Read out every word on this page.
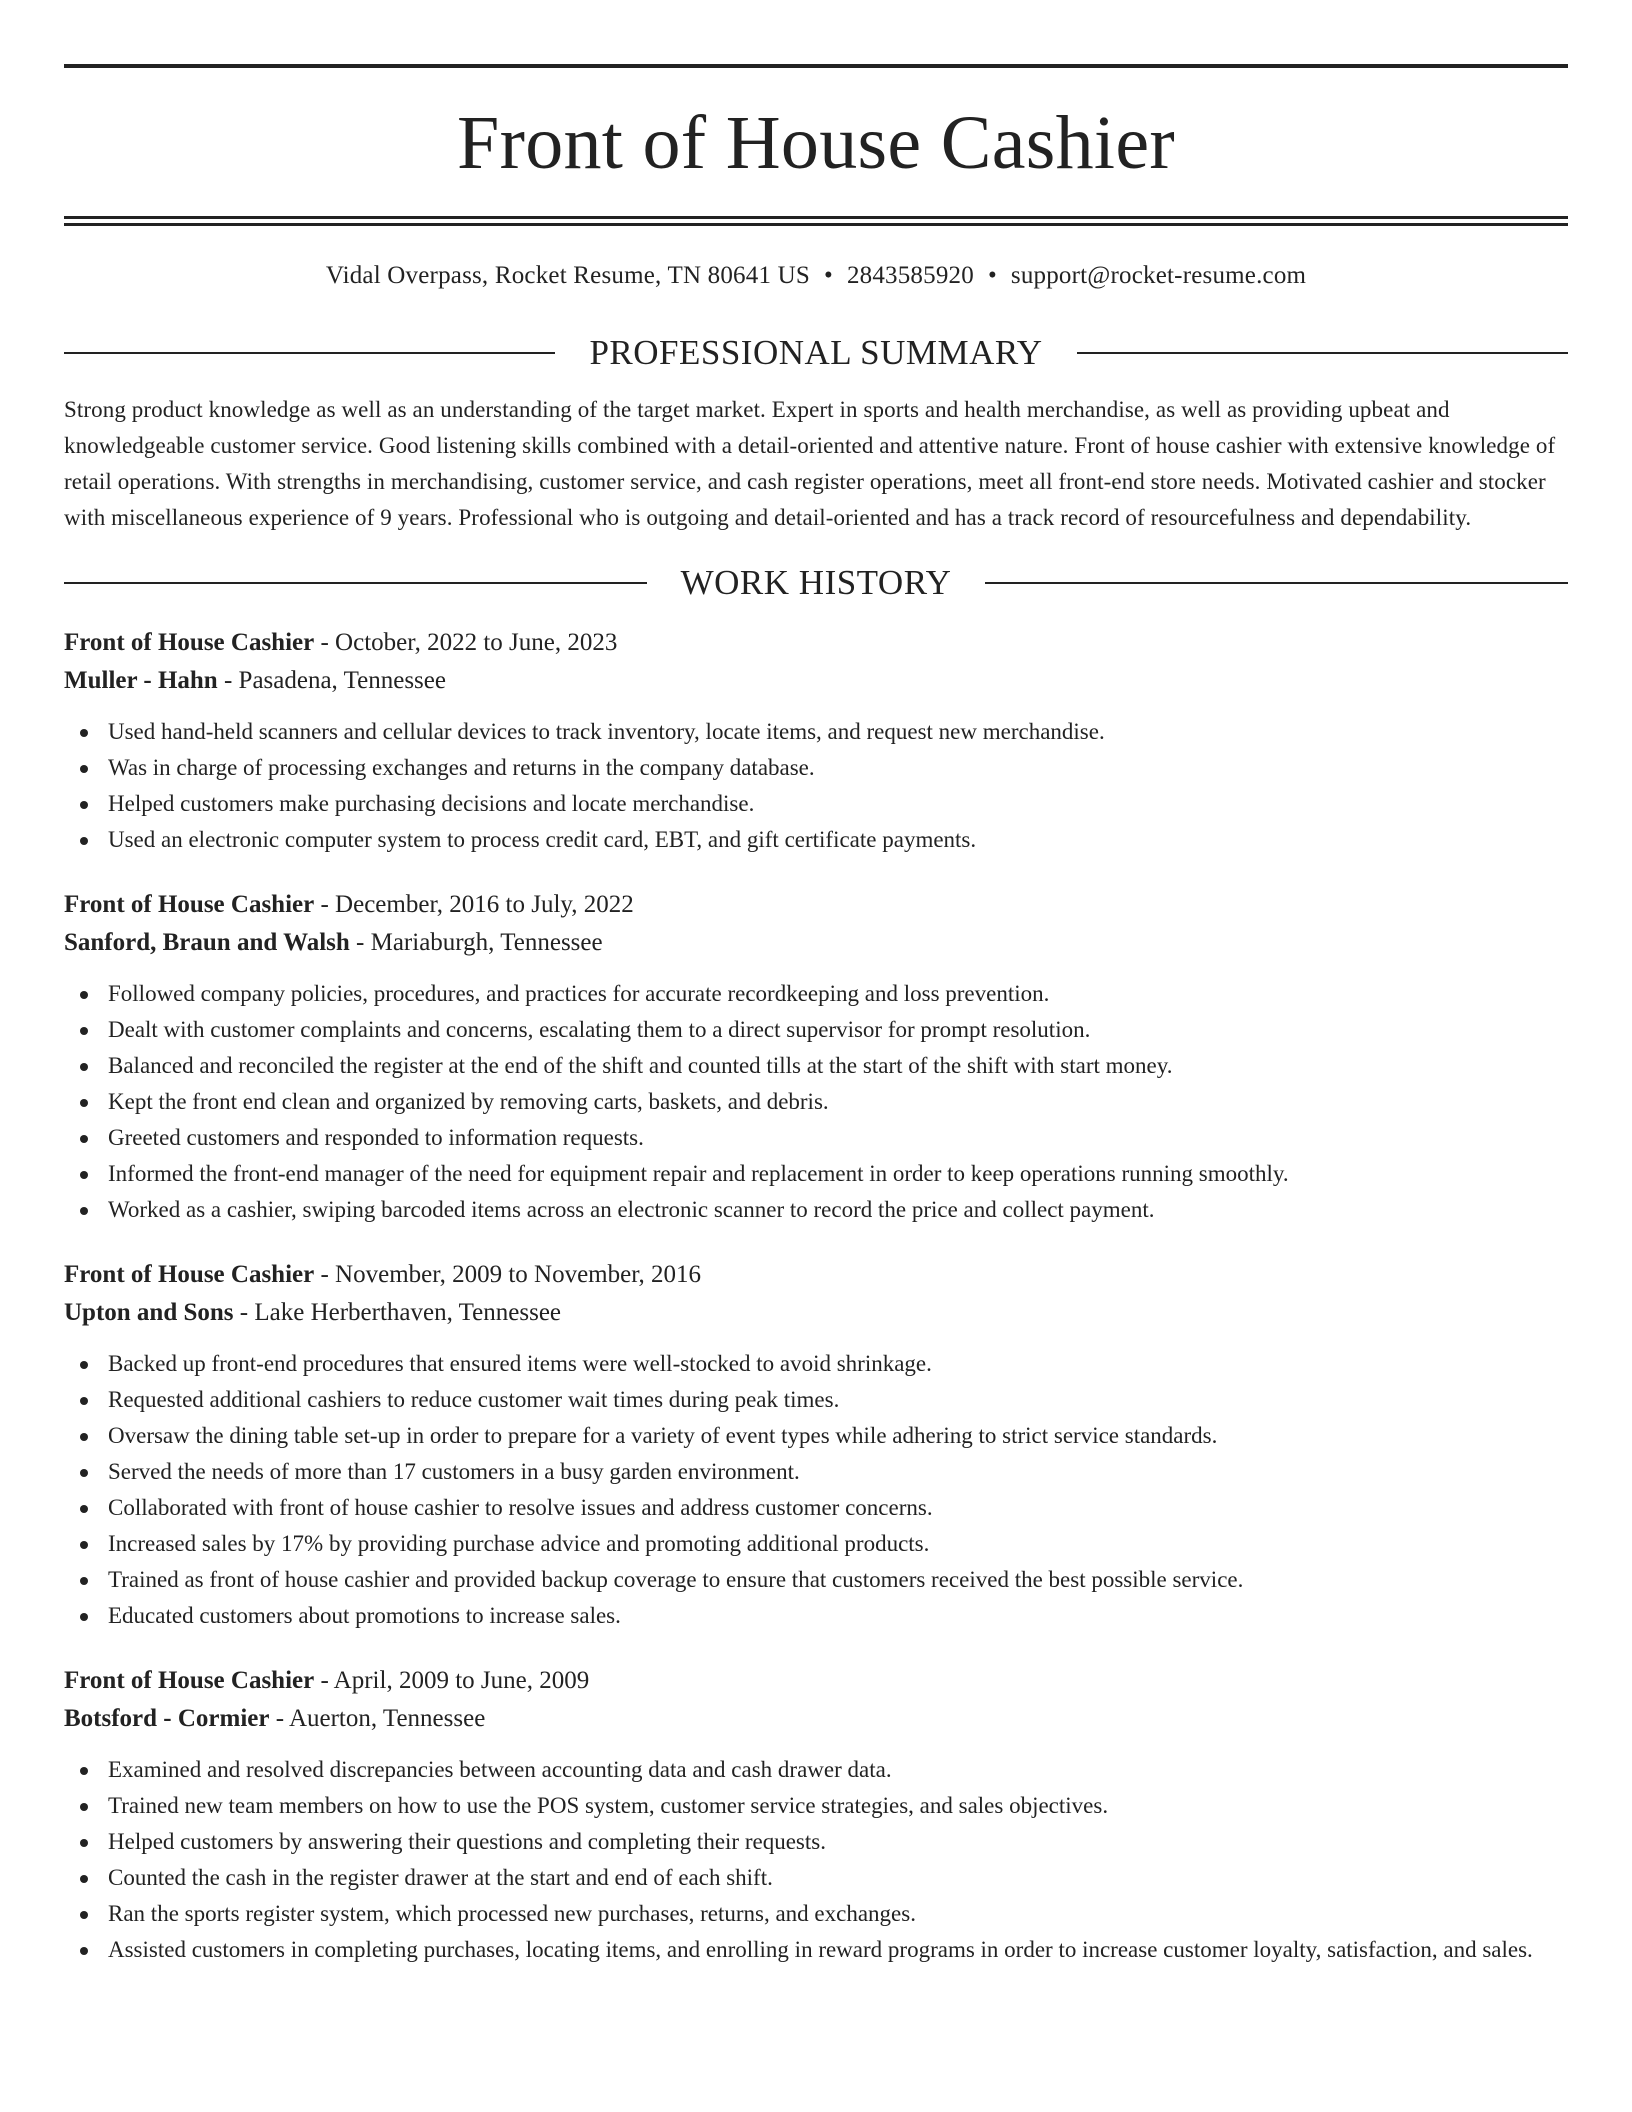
Front of House Cashier
Vidal Overpass, Rocket Resume, TN 80641 US • 2843585920 • support@rocket-resume.com
PROFESSIONAL SUMMARY
Strong product knowledge as well as an understanding of the target market. Expert in sports and health merchandise, as well as providing upbeat and knowledgeable customer service. Good listening skills combined with a detail-oriented and attentive nature. Front of house cashier with extensive knowledge of retail operations. With strengths in merchandising, customer service, and cash register operations, meet all front-end store needs. Motivated cashier and stocker with miscellaneous experience of 9 years. Professional who is outgoing and detail-oriented and has a track record of resourcefulness and dependability.
WORK HISTORY
Front of House Cashier - October, 2022 to June, 2023
Muller - Hahn - Pasadena, Tennessee
Used hand-held scanners and cellular devices to track inventory, locate items, and request new merchandise.
Was in charge of processing exchanges and returns in the company database.
Helped customers make purchasing decisions and locate merchandise.
Used an electronic computer system to process credit card, EBT, and gift certificate payments.
Front of House Cashier - December, 2016 to July, 2022
Sanford, Braun and Walsh - Mariaburgh, Tennessee
Followed company policies, procedures, and practices for accurate recordkeeping and loss prevention.
Dealt with customer complaints and concerns, escalating them to a direct supervisor for prompt resolution.
Balanced and reconciled the register at the end of the shift and counted tills at the start of the shift with start money.
Kept the front end clean and organized by removing carts, baskets, and debris.
Greeted customers and responded to information requests.
Informed the front-end manager of the need for equipment repair and replacement in order to keep operations running smoothly.
Worked as a cashier, swiping barcoded items across an electronic scanner to record the price and collect payment.
Front of House Cashier - November, 2009 to November, 2016
Upton and Sons - Lake Herberthaven, Tennessee
Backed up front-end procedures that ensured items were well-stocked to avoid shrinkage.
Requested additional cashiers to reduce customer wait times during peak times.
Oversaw the dining table set-up in order to prepare for a variety of event types while adhering to strict service standards.
Served the needs of more than 17 customers in a busy garden environment.
Collaborated with front of house cashier to resolve issues and address customer concerns.
Increased sales by 17% by providing purchase advice and promoting additional products.
Trained as front of house cashier and provided backup coverage to ensure that customers received the best possible service.
Educated customers about promotions to increase sales.
Front of House Cashier - April, 2009 to June, 2009
Botsford - Cormier - Auerton, Tennessee
Examined and resolved discrepancies between accounting data and cash drawer data.
Trained new team members on how to use the POS system, customer service strategies, and sales objectives.
Helped customers by answering their questions and completing their requests.
Counted the cash in the register drawer at the start and end of each shift.
Ran the sports register system, which processed new purchases, returns, and exchanges.
Assisted customers in completing purchases, locating items, and enrolling in reward programs in order to increase customer loyalty, satisfaction, and sales.
